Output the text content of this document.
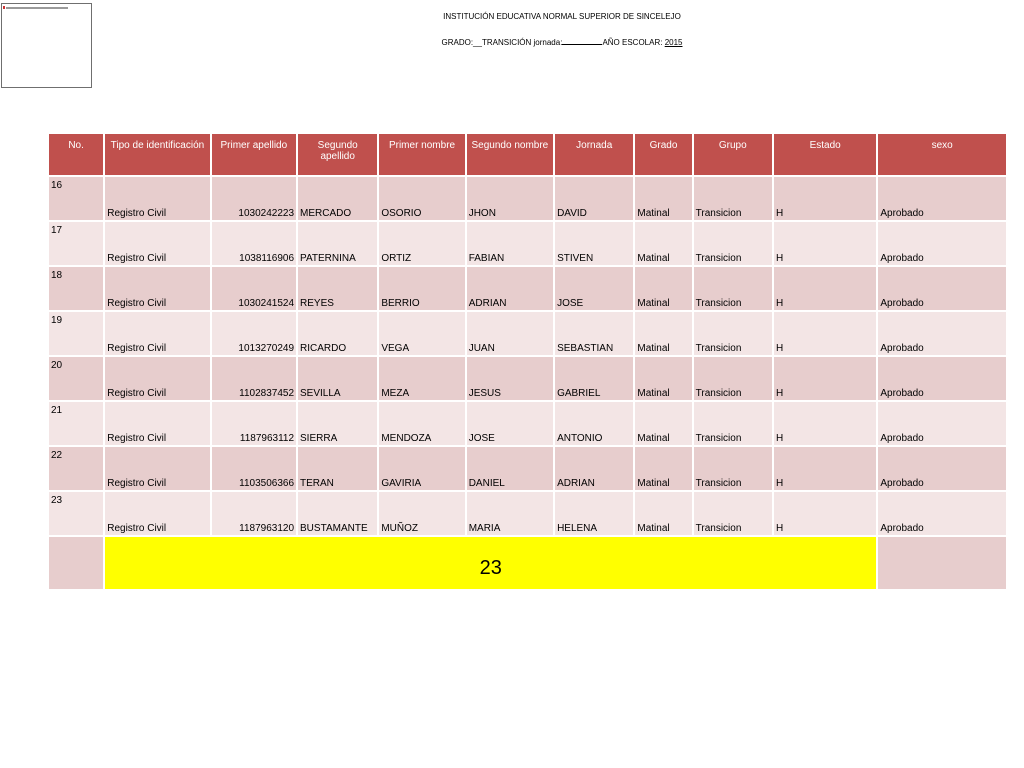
INSTITUCIÓN EDUCATIVA NORMAL SUPERIOR DE SINCELEJO
GRADO:__TRANSICIÓN jornada:	AÑO ESCOLAR: 2015
No.	Tipo de identificación	Primer apellido	Segundo apellido	Primer nombre	Segundo nombre	Jornada	Grado	Grupo	Estado	sexo
16	Registro Civil	1030242223	MERCADO	OSORIO	JHON	DAVID	Matinal	Transicion	H	Aprobado
17	Registro Civil	1038116906	PATERNINA	ORTIZ	FABIAN	STIVEN	Matinal	Transicion	H	Aprobado
18	Registro Civil	1030241524	REYES	BERRIO	ADRIAN	JOSE	Matinal	Transicion	H	Aprobado
19	Registro Civil	1013270249	RICARDO	VEGA	JUAN	SEBASTIAN	Matinal	Transicion	H	Aprobado
20	Registro Civil	1102837452	SEVILLA	MEZA	JESUS	GABRIEL	Matinal	Transicion	H	Aprobado
21	Registro Civil	1187963112	SIERRA	MENDOZA	JOSE	ANTONIO	Matinal	Transicion	H	Aprobado
22	Registro Civil	1103506366	TERAN	GAVIRIA	DANIEL	ADRIAN	Matinal	Transicion	H	Aprobado
23	Registro Civil	1187963120	BUSTAMANTE	MUÑOZ	MARIA	HELENA	Matinal	Transicion	H	Aprobado
	23									
